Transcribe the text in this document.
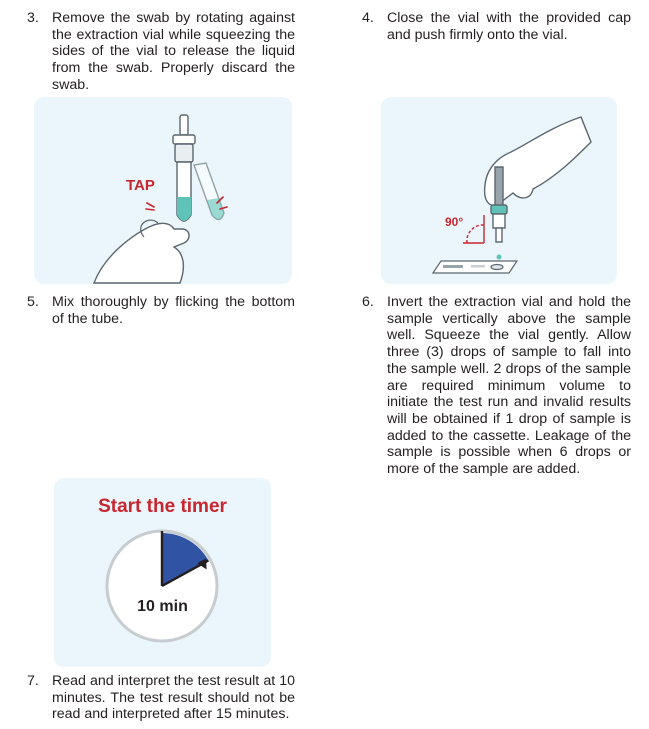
3. Remove the swab by rotating against the extraction vial while squeezing the sides of the vial to release the liquid from the swab. Properly discard the swab.
4. Close the vial with the provided cap and push firmly onto the vial.
TAP
90°
5. Mix thoroughly by flicking the bottom of the tube.
6. Invert the extraction vial and hold the sample vertically above the sample well. Squeeze the vial gently. Allow three (3) drops of sample to fall into the sample well. 2 drops of the sample are required minimum volume to initiate the test run and invalid results will be obtained if 1 drop of sample is added to the cassette. Leakage of the sample is possible when 6 drops or more of the sample are added.
Start the timer
10 min
7. Read and interpret the test result at 10 minutes. The test result should not be read and interpreted after 15 minutes.
